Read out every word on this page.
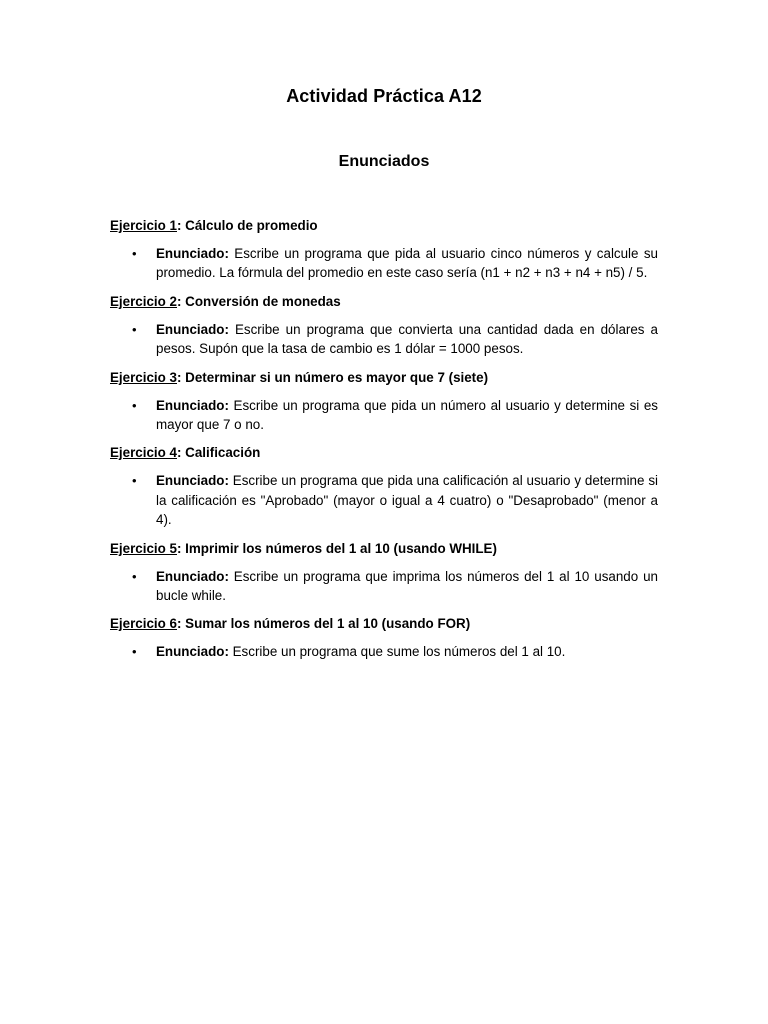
Actividad Práctica A12
Enunciados
Ejercicio 1: Cálculo de promedio
• Enunciado: Escribe un programa que pida al usuario cinco números y calcule su promedio. La fórmula del promedio en este caso sería (n1 + n2 + n3 + n4 + n5) / 5.
Ejercicio 2: Conversión de monedas
• Enunciado: Escribe un programa que convierta una cantidad dada en dólares a pesos. Supón que la tasa de cambio es 1 dólar = 1000 pesos.
Ejercicio 3: Determinar si un número es mayor que 7 (siete)
• Enunciado: Escribe un programa que pida un número al usuario y determine si es mayor que 7 o no.
Ejercicio 4: Calificación
• Enunciado: Escribe un programa que pida una calificación al usuario y determine si la calificación es "Aprobado" (mayor o igual a 4 cuatro) o "Desaprobado" (menor a 4).
Ejercicio 5: Imprimir los números del 1 al 10 (usando WHILE)
• Enunciado: Escribe un programa que imprima los números del 1 al 10 usando un bucle while.
Ejercicio 6: Sumar los números del 1 al 10 (usando FOR)
• Enunciado: Escribe un programa que sume los números del 1 al 10.
